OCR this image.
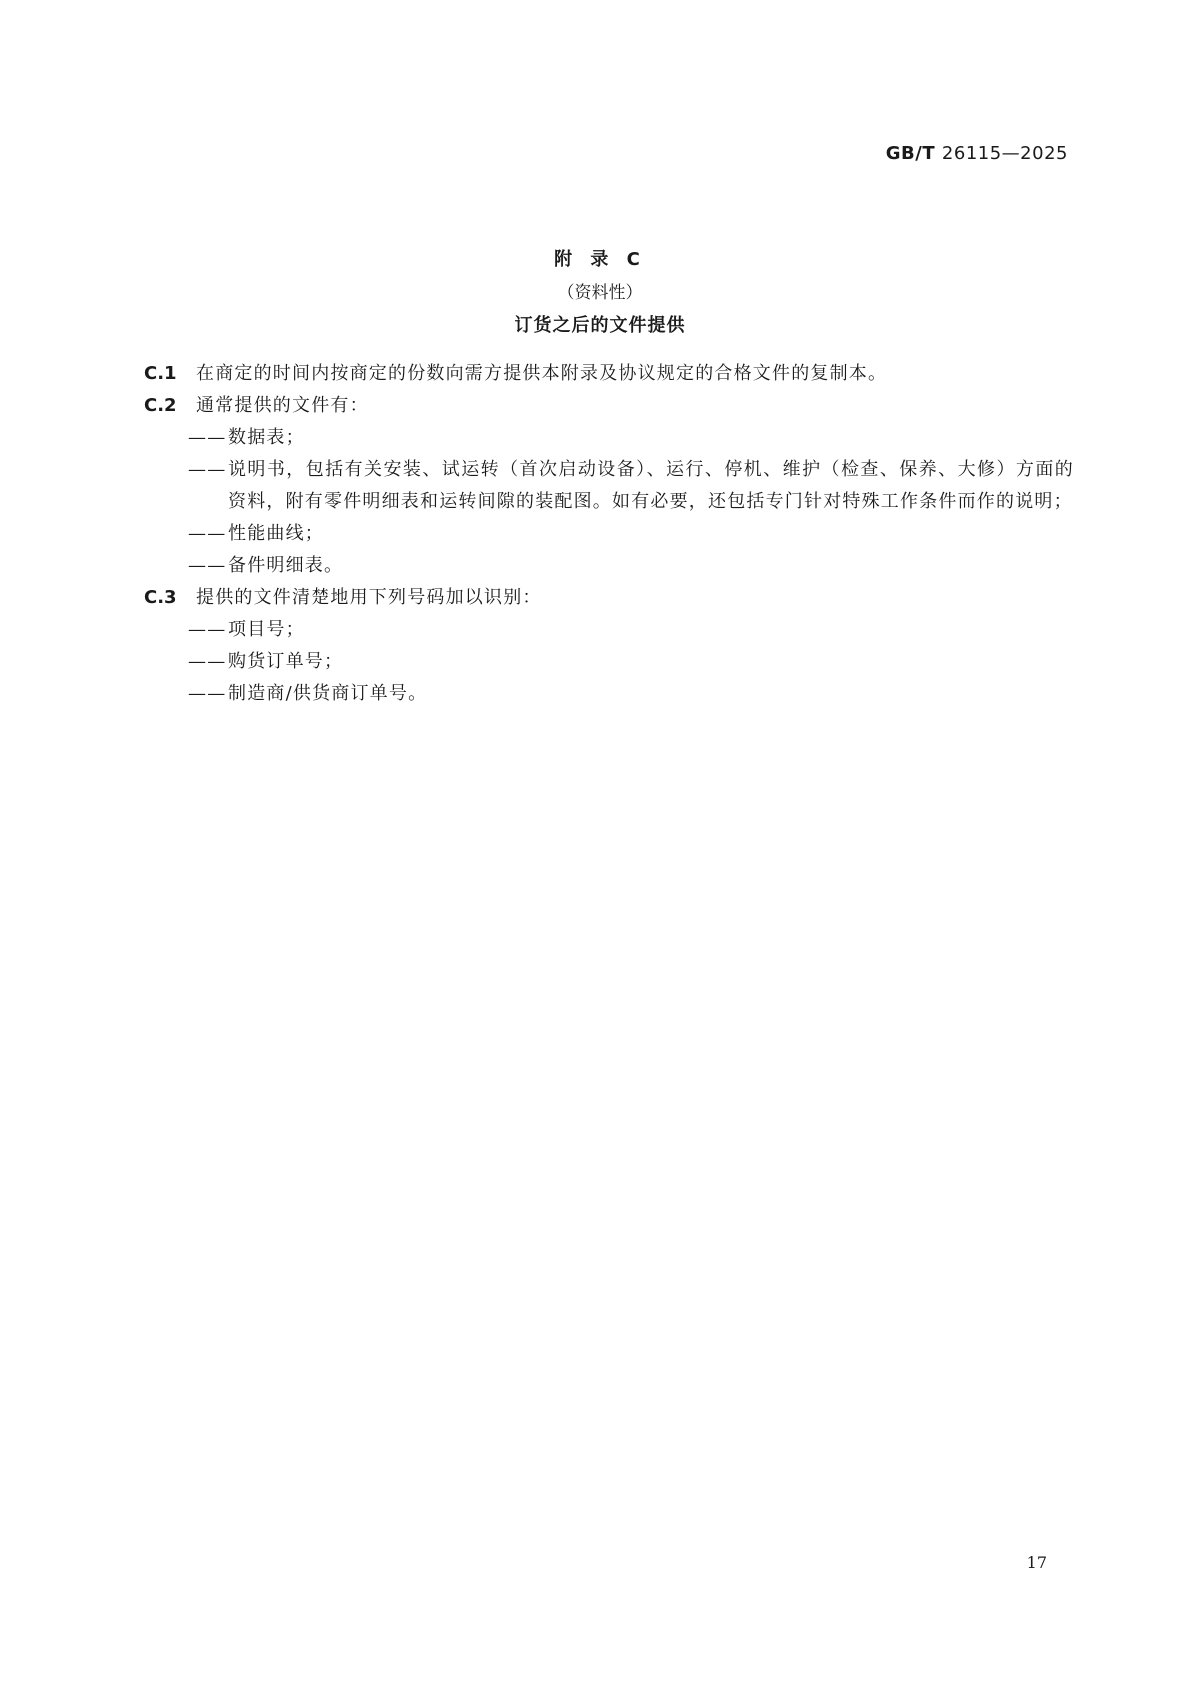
GB/T 26115—2025
附 录 C
（资料性）
订货之后的文件提供
C.1	在商定的时间内按商定的份数向需方提供本附录及协议规定的合格文件的复制本。
C.2	通常提供的文件有：
—— 数据表；
—— 说明书，包括有关安装、试运转（首次启动设备）、运行、停机、维护（检查、保养、大修）方面的资料，附有零件明细表和运转间隙的装配图。如有必要，还包括专门针对特殊工作条件而作的说明；
—— 性能曲线；
—— 备件明细表。
C.3	提供的文件清楚地用下列号码加以识别：
—— 项目号；
—— 购货订单号；
—— 制造商/供货商订单号。
17
